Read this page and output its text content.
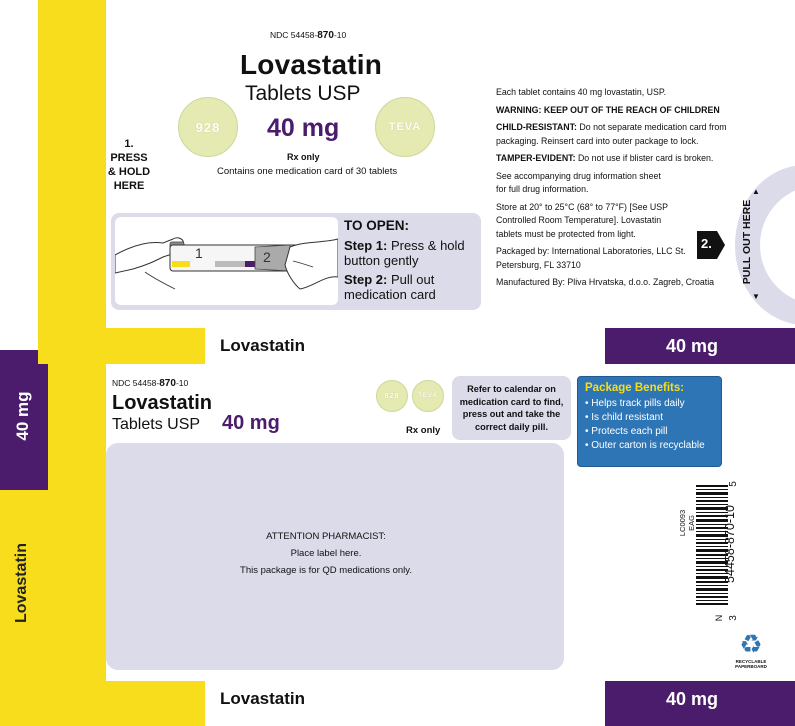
40 mg
Lovastatin
Lovastatin	40 mg
Lovastatin	40 mg
NDC 54458-870-10
Lovastatin
Tablets USP
40 mg
Rx only
Contains one medication card of 30 tablets
928	TEVA
1.
PRESS
& HOLD
HERE
1	2
TO OPEN:
Step 1: Press & hold button gently
Step 2: Pull out medication card
Each tablet contains 40 mg lovastatin, USP.
WARNING: KEEP OUT OF THE REACH OF CHILDREN
CHILD-RESISTANT: Do not separate medication card from packaging. Reinsert card into outer package to lock.
TAMPER-EVIDENT: Do not use if blister card is broken.
See accompanying drug information sheet for full drug information.
Store at 20° to 25°C (68° to 77°F) [See USP Controlled Room Temperature]. Lovastatin tablets must be protected from light.
Packaged by: International Laboratories, LLC St. Petersburg, FL 33710
Manufactured By: Pliva Hrvatska, d.o.o. Zagreb, Croatia
2.	PULL OUT HERE
▲
▼
NDC 54458-870-10
Lovastatin
Tablets USP 40 mg
928	TEVA
Rx only
Refer to calendar on medication card to find, press out and take the correct daily pill.
ATTENTION PHARMACIST:
Place label here.
This package is for QD medications only.
Package Benefits:
• Helps track pills daily
• Is child resistant
• Protects each pill
• Outer carton is recyclable
LC0093 EAG 54458-870-10
5
3
N
♻
RECYCLABLE PAPERBOARD
